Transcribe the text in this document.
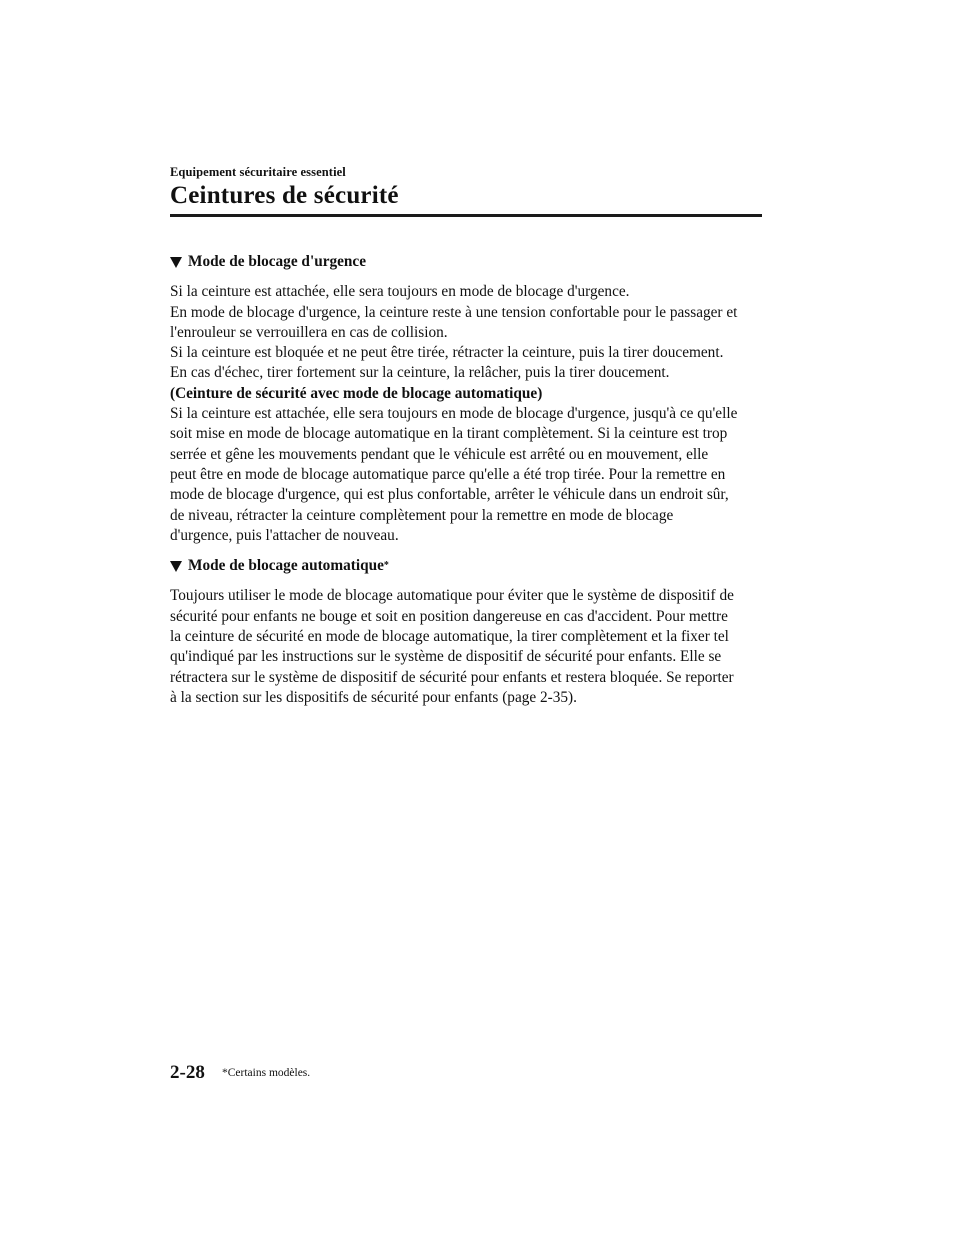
Equipement sécuritaire essentiel
Ceintures de sécurité
Mode de blocage d'urgence

Si la ceinture est attachée, elle sera toujours en mode de blocage d'urgence.

En mode de blocage d'urgence, la ceinture reste à une tension confortable pour le passager et

l'enrouleur se verrouillera en cas de collision.

Si la ceinture est bloquée et ne peut être tirée, rétracter la ceinture, puis la tirer doucement.

En cas d'échec, tirer fortement sur la ceinture, la relâcher, puis la tirer doucement.

(Ceinture de sécurité avec mode de blocage automatique)

Si la ceinture est attachée, elle sera toujours en mode de blocage d'urgence, jusqu'à ce qu'elle

soit mise en mode de blocage automatique en la tirant complètement. Si la ceinture est trop

serrée et gêne les mouvements pendant que le véhicule est arrêté ou en mouvement, elle

peut être en mode de blocage automatique parce qu'elle a été trop tirée. Pour la remettre en

mode de blocage d'urgence, qui est plus confortable, arrêter le véhicule dans un endroit sûr,

de niveau, rétracter la ceinture complètement pour la remettre en mode de blocage

d'urgence, puis l'attacher de nouveau.

Mode de blocage automatique *

Toujours utiliser le mode de blocage automatique pour éviter que le système de dispositif de

sécurité pour enfants ne bouge et soit en position dangereuse en cas d'accident. Pour mettre

la ceinture de sécurité en mode de blocage automatique, la tirer complètement et la fixer tel

qu'indiqué par les instructions sur le système de dispositif de sécurité pour enfants. Elle se

rétractera sur le système de dispositif de sécurité pour enfants et restera bloquée. Se reporter

à la section sur les dispositifs de sécurité pour enfants (page 2-35).

2-28 *Certains modèles.
